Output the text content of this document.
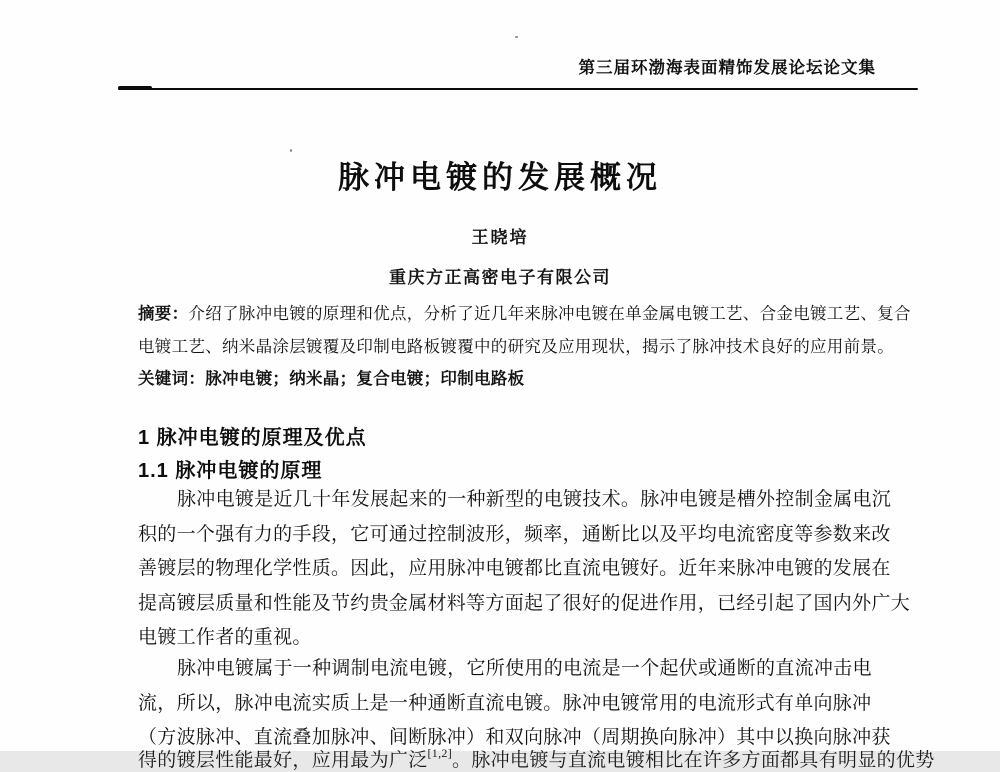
第三届环渤海表面精饰发展论坛论文集
脉冲电镀的发展概况
王晓培
重庆方正高密电子有限公司
摘要：介绍了脉冲电镀的原理和优点，分析了近几年来脉冲电镀在单金属电镀工艺、合金电镀工艺、复合
电镀工艺、纳米晶涂层镀覆及印制电路板镀覆中的研究及应用现状，揭示了脉冲技术良好的应用前景。
关键词：脉冲电镀；纳米晶；复合电镀；印制电路板
1 脉冲电镀的原理及优点
1.1 脉冲电镀的原理
脉冲电镀是近几十年发展起来的一种新型的电镀技术。脉冲电镀是槽外控制金属电沉
积的一个强有力的手段，它可通过控制波形，频率，通断比以及平均电流密度等参数来改
善镀层的物理化学性质。因此，应用脉冲电镀都比直流电镀好。近年来脉冲电镀的发展在
提高镀层质量和性能及节约贵金属材料等方面起了很好的促进作用，已经引起了国内外广大
电镀工作者的重视。
脉冲电镀属于一种调制电流电镀，它所使用的电流是一个起伏或通断的直流冲击电
流，所以，脉冲电流实质上是一种通断直流电镀。脉冲电镀常用的电流形式有单向脉冲
（方波脉冲、直流叠加脉冲、间断脉冲）和双向脉冲（周期换向脉冲）其中以换向脉冲获
得的镀层性能最好，应用最为广泛[1,2]。脉冲电镀与直流电镀相比在许多方面都具有明显的优势
